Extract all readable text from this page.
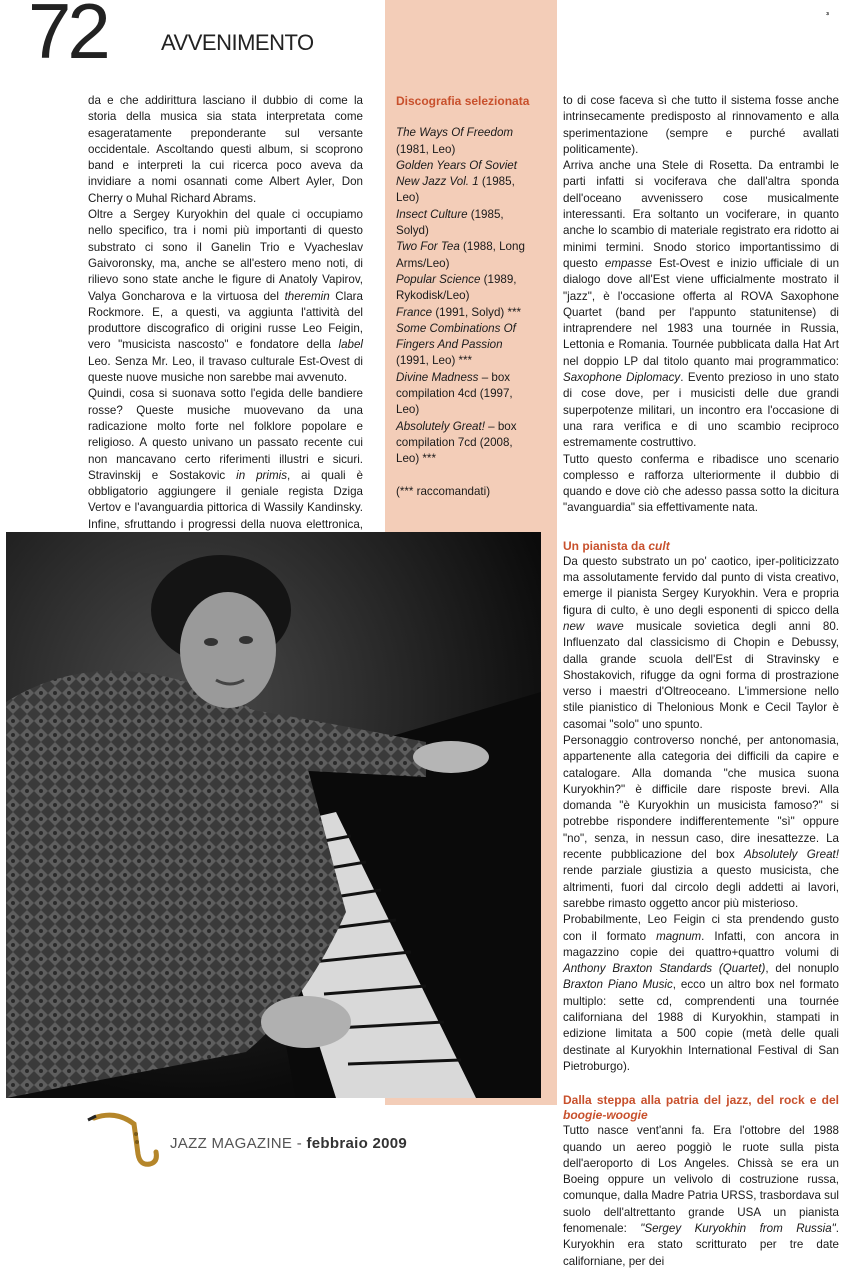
72 AVVENIMENTO
³

da e che addirittura lasciano il dubbio di come la storia della musica sia stata interpretata come esageratamente preponderante sul versante occidentale. Ascoltando questi album, si scoprono band e interpreti la cui ricerca poco aveva da invidiare a nomi osannati come Albert Ayler, Don Cherry o Muhal Richard Abrams.

Oltre a Sergey Kuryokhin del quale ci occupiamo nello specifico, tra i nomi più importanti di questo substrato ci sono il Ganelin Trio e Vyacheslav Gaivoronsky, ma, anche se all'estero meno noti, di rilievo sono state anche le figure di Anatoly Vapirov, Valya Goncharova e la virtuosa del theremin Clara Rockmore. E, a questi, va aggiunta l'attività del produttore discografico di origini russe Leo Feigin, vero "musicista nascosto" e fondatore della label Leo. Senza Mr. Leo, il travaso culturale Est-Ovest di queste nuove musiche non sarebbe mai avvenuto.

Quindi, cosa si suonava sotto l'egida delle bandiere rosse? Queste musiche muovevano da una radicazione molto forte nel folklore popolare e religioso. A questo univano un passato recente cui non mancavano certo riferimenti illustri e sicuri. Stravinskij e Sostakovic in primis, ai quali è obbligatorio aggiungere il geniale regista Dziga Vertov e l'avanguardia pittorica di Wassily Kandinsky. Infine, sfruttando i progressi della nuova elettronica,

Discografia selezionata

The Ways Of Freedom (1981, Leo)

Golden Years Of Soviet New Jazz Vol. 1 (1985, Leo)

Insect Culture (1985, Solyd)

Two For Tea (1988, Long Arms/Leo)

Popular Science (1989, Rykodisk/Leo)

France (1991, Solyd) ***

Some Combinations Of Fingers And Passion (1991, Leo) ***

Divine Madness – box compilation 4cd (1997, Leo)

Absolutely Great! – box compilation 7cd (2008, Leo) ***

(*** raccomandati)

to di cose faceva sì che tutto il sistema fosse anche intrinsecamente predisposto al rinnovamento e alla sperimentazione (sempre e purché avallati politicamente).

Arriva anche una Stele di Rosetta. Da entrambi le parti infatti si vociferava che dall'altra sponda dell'oceano avvenissero cose musicalmente interessanti. Era soltanto un vociferare, in quanto anche lo scambio di materiale registrato era ridotto ai minimi termini. Snodo storico importantissimo di questo empasse Est-Ovest e inizio ufficiale di un dialogo dove all'Est viene ufficialmente mostrato il "jazz", è l'occasione offerta al ROVA Saxophone Quartet (band per l'appunto statunitense) di intraprendere nel 1983 una tournée in Russia, Lettonia e Romania. Tournée pubblicata dalla Hat Art nel doppio LP dal titolo quanto mai programmatico: Saxophone Diplomacy. Evento prezioso in uno stato di cose dove, per i musicisti delle due grandi superpotenze militari, un incontro era l'occasione di una rara verifica e di uno scambio reciproco estremamente costruttivo.

Tutto questo conferma e ribadisce uno scenario complesso e rafforza ulteriormente il dubbio di quando e dove ciò che adesso passa sotto la dicitura "avanguardia" sia effettivamente nata.

Un pianista da cult

Da questo substrato un po' caotico, iper-politicizzato ma assolutamente fervido dal punto di vista creativo, emerge il pianista Sergey Kuryokhin. Vera e propria figura di culto, è uno degli esponenti di spicco della new wave musicale sovietica degli anni 80. Influenzato dal classicismo di Chopin e Debussy, dalla grande scuola dell'Est di Stravinsky e Shostakovich, rifugge da ogni forma di prostrazione verso i maestri d'Oltreoceano. L'immersione nello stile pianistico di Thelonious Monk e Cecil Taylor è casomai "solo" uno spunto.

Personaggio controverso nonché, per antonomasia, appartenente alla categoria dei difficili da capire e catalogare. Alla domanda "che musica suona Kuryokhin?" è difficile dare risposte brevi. Alla domanda "è Kuryokhin un musicista famoso?" si potrebbe rispondere indifferentemente "sì" oppure "no", senza, in nessun caso, dire inesattezze. La recente pubblicazione del box Absolutely Great! rende parziale giustizia a questo musicista, che altrimenti, fuori dal circolo degli addetti ai lavori, sarebbe rimasto oggetto ancor più misterioso.

Probabilmente, Leo Feigin ci sta prendendo gusto con il formato magnum. Infatti, con ancora in magazzino copie dei quattro+quattro volumi di Anthony Braxton Standards (Quartet), del nonuplo Braxton Piano Music, ecco un altro box nel formato multiplo: sette cd, comprendenti una tournée californiana del 1988 di Kuryokhin, stampati in edizione limitata a 500 copie (metà delle quali destinate al Kuryokhin International Festival di San Pietroburgo).

Dalla steppa alla patria del jazz, del rock e del boogie-woogie

Tutto nasce vent'anni fa. Era l'ottobre del 1988 quando un aereo poggiò le ruote sulla pista dell'aeroporto di Los Angeles. Chissà se era un Boeing oppure un velivolo di costruzione russa, comunque, dalla Madre Patria URSS, trasbordava sul suolo dell'altrettanto grande USA un pianista fenomenale: "Sergey Kuryokhin from Russia". Kuryokhin era stato scritturato per tre date californiane, per dei

JAZZ MAGAZINE - febbraio 2009
